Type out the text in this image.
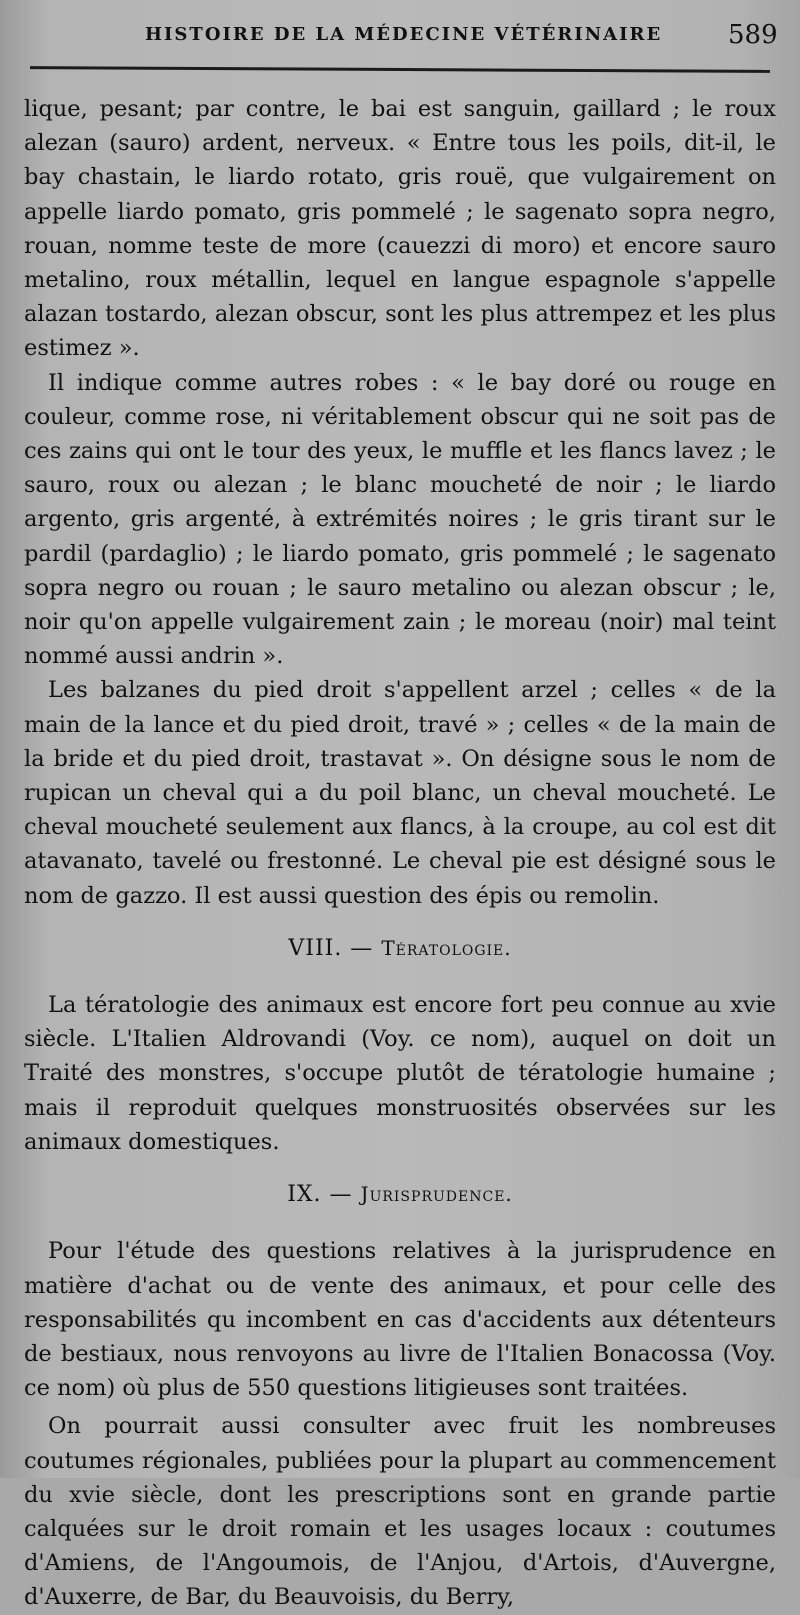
HISTOIRE DE LA MÉDECINE VÉTÉRINAIRE	589

lique, pesant; par contre, le bai est sanguin, gaillard ; le roux alezan (sauro) ardent, nerveux. « Entre tous les poils, dit-il, le bay chastain, le liardo rotato, gris rouë, que vulgairement on appelle liardo pomato, gris pommelé ; le sagenato sopra negro, rouan, nomme teste de more (cauezzi di moro) et encore sauro metalino, roux métallin, lequel en langue espagnole s'appelle alazan tostardo, alezan obscur, sont les plus attrempez et les plus estimez ».

Il indique comme autres robes : « le bay doré ou rouge en couleur, comme rose, ni véritablement obscur qui ne soit pas de ces zains qui ont le tour des yeux, le muffle et les flancs lavez ; le sauro, roux ou alezan ; le blanc moucheté de noir ; le liardo argento, gris argenté, à extrémités noires ; le gris tirant sur le pardil (pardaglio) ; le liardo pomato, gris pommelé ; le sagenato sopra negro ou rouan ; le sauro metalino ou alezan obscur ; le, noir qu'on appelle vulgairement zain ; le moreau (noir) mal teint nommé aussi andrin ».

Les balzanes du pied droit s'appellent arzel ; celles « de la main de la lance et du pied droit, travé » ; celles « de la main de la bride et du pied droit, trastavat ». On désigne sous le nom de rupican un cheval qui a du poil blanc, un cheval moucheté. Le cheval moucheté seulement aux flancs, à la croupe, au col est dit atavanato, tavelé ou frestonné. Le cheval pie est désigné sous le nom de gazzo. Il est aussi question des épis ou remolin.

VIII. — Tératologie.

La tératologie des animaux est encore fort peu connue au xvie siècle. L'Italien Aldrovandi (Voy. ce nom), auquel on doit un Traité des monstres, s'occupe plutôt de tératologie humaine ; mais il reproduit quelques monstruosités observées sur les animaux domestiques.

IX. — Jurisprudence.

Pour l'étude des questions relatives à la jurisprudence en matière d'achat ou de vente des animaux, et pour celle des responsabilités qu incombent en cas d'accidents aux détenteurs de bestiaux, nous renvoyons au livre de l'Italien Bonacossa (Voy. ce nom) où plus de 550 questions litigieuses sont traitées.

On pourrait aussi consulter avec fruit les nombreuses coutumes régionales, publiées pour la plupart au commencement du xvie siècle, dont les prescriptions sont en grande partie calquées sur le droit romain et les usages locaux : coutumes d'Amiens, de l'Angoumois, de l'Anjou, d'Artois, d'Auvergne, d'Auxerre, de Bar, du Beauvoisis, du Berry,
